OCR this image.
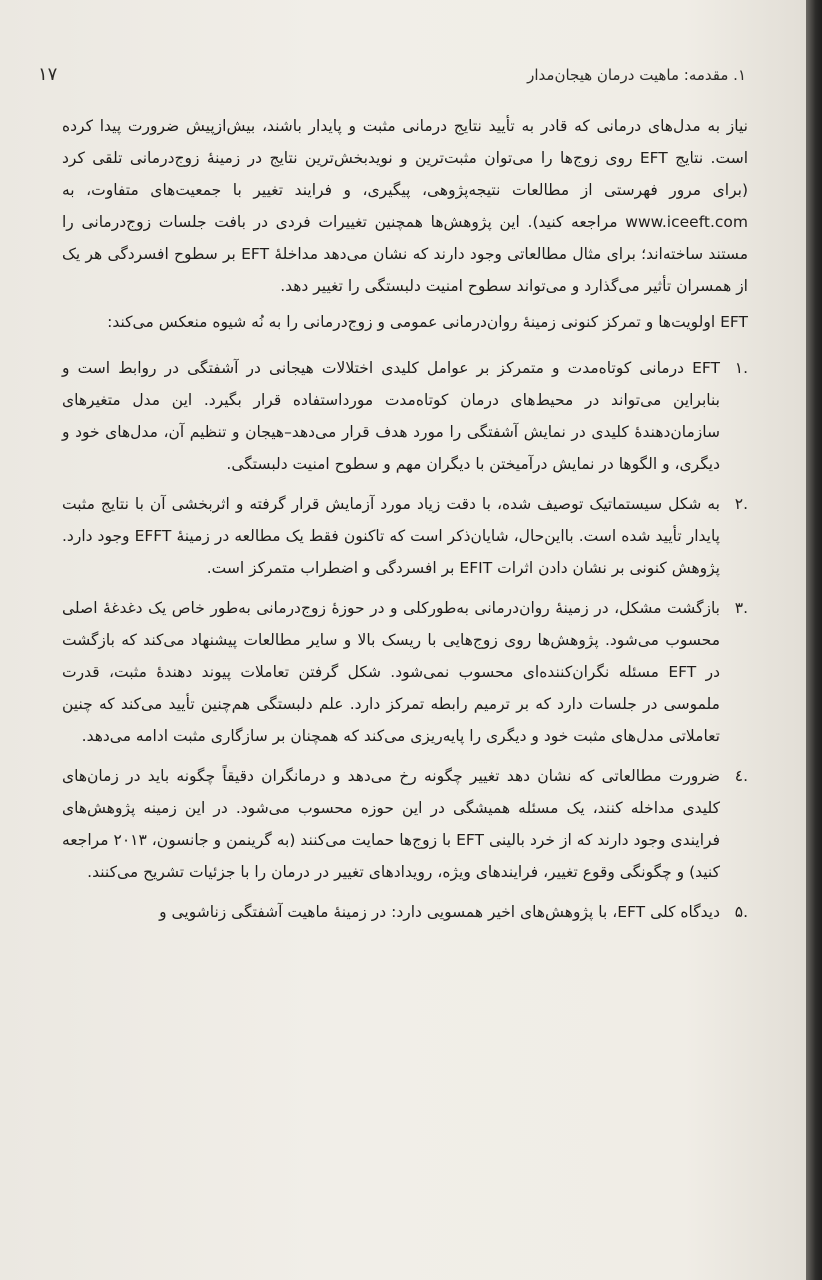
۱. مقدمه: ماهیت درمان هیجان‌مدار
۱۷

نیاز به مدل‌های درمانی که قادر به تأیید نتایج درمانی مثبت و پایدار باشند، بیش‌ازپیش ضرورت پیدا کرده است. نتایج EFT روی زوج‌ها را می‌توان مثبت‌ترین و نویدبخش‌ترین نتایج در زمینهٔ زوج‌درمانی تلقی کرد (برای مرور فهرستی از مطالعات نتیجه‌پژوهی، پیگیری، و فرایند تغییر با جمعیت‌های متفاوت، به www.iceeft.com مراجعه کنید). این پژوهش‌ها همچنین تغییرات فردی در بافت جلسات زوج‌درمانی را مستند ساخته‌اند؛ برای مثال مطالعاتی وجود دارند که نشان می‌دهد مداخلهٔ EFT بر سطوح افسردگی هر یک از همسران تأثیر می‌گذارد و می‌تواند سطوح امنیت دلبستگی را تغییر دهد.

EFT اولویت‌ها و تمرکز کنونی زمینهٔ روان‌درمانی عمومی و زوج‌درمانی را به نُه شیوه منعکس می‌کند:

.۱
EFT درمانی کوتاه‌مدت و متمرکز بر عوامل کلیدی اختلالات هیجانی در آشفتگی در روابط است و بنابراین می‌تواند در محیط‌های درمان کوتاه‌مدت مورداستفاده قرار بگیرد. این مدل متغیرهای سازمان‌دهندهٔ کلیدی در نمایش آشفتگی را مورد هدف قرار می‌دهد–هیجان و تنظیم آن، مدل‌های خود و دیگری، و الگوها در نمایش درآمیختن با دیگران مهم و سطوح امنیت دلبستگی.
.۲
به شکل سیستماتیک توصیف شده، با دقت زیاد مورد آزمایش قرار گرفته و اثربخشی آن با نتایج مثبت پایدار تأیید شده است. بااین‌حال، شایان‌ذکر است که تاکنون فقط یک مطالعه در زمینهٔ EFFT وجود دارد. پژوهش کنونی بر نشان دادن اثرات EFIT بر افسردگی و اضطراب متمرکز است.
.۳
بازگشت مشکل، در زمینهٔ روان‌درمانی به‌طورکلی و در حوزهٔ زوج‌درمانی به‌طور خاص یک دغدغهٔ اصلی محسوب می‌شود. پژوهش‌ها روی زوج‌هایی با ریسک بالا و سایر مطالعات پیشنهاد می‌کند که بازگشت در EFT مسئله نگران‌کننده‌ای محسوب نمی‌شود. شکل گرفتن تعاملات پیوند دهندهٔ مثبت، قدرت ملموسی در جلسات دارد که بر ترمیم رابطه تمرکز دارد. علم دلبستگی هم‌چنین تأیید می‌کند که چنین تعاملاتی مدل‌های مثبت خود و دیگری را پایه‌ریزی می‌کند که همچنان بر سازگاری مثبت ادامه می‌دهد.
.٤
ضرورت مطالعاتی که نشان دهد تغییر چگونه رخ می‌دهد و درمانگران دقیقاً چگونه باید در زمان‌های کلیدی مداخله کنند، یک مسئله همیشگی در این حوزه محسوب می‌شود. در این زمینه پژوهش‌های فرایندی وجود دارند که از خرد بالینی EFT با زوج‌ها حمایت می‌کنند (به گرینمن و جانسون، ۲۰۱۳ مراجعه کنید) و چگونگی وقوع تغییر، فرایندهای ویژه، رویدادهای تغییر در درمان را با جزئیات تشریح می‌کنند.
.۵
دیدگاه کلی EFT، با پژوهش‌های اخیر همسویی دارد: در زمینهٔ ماهیت آشفتگی زناشویی و
